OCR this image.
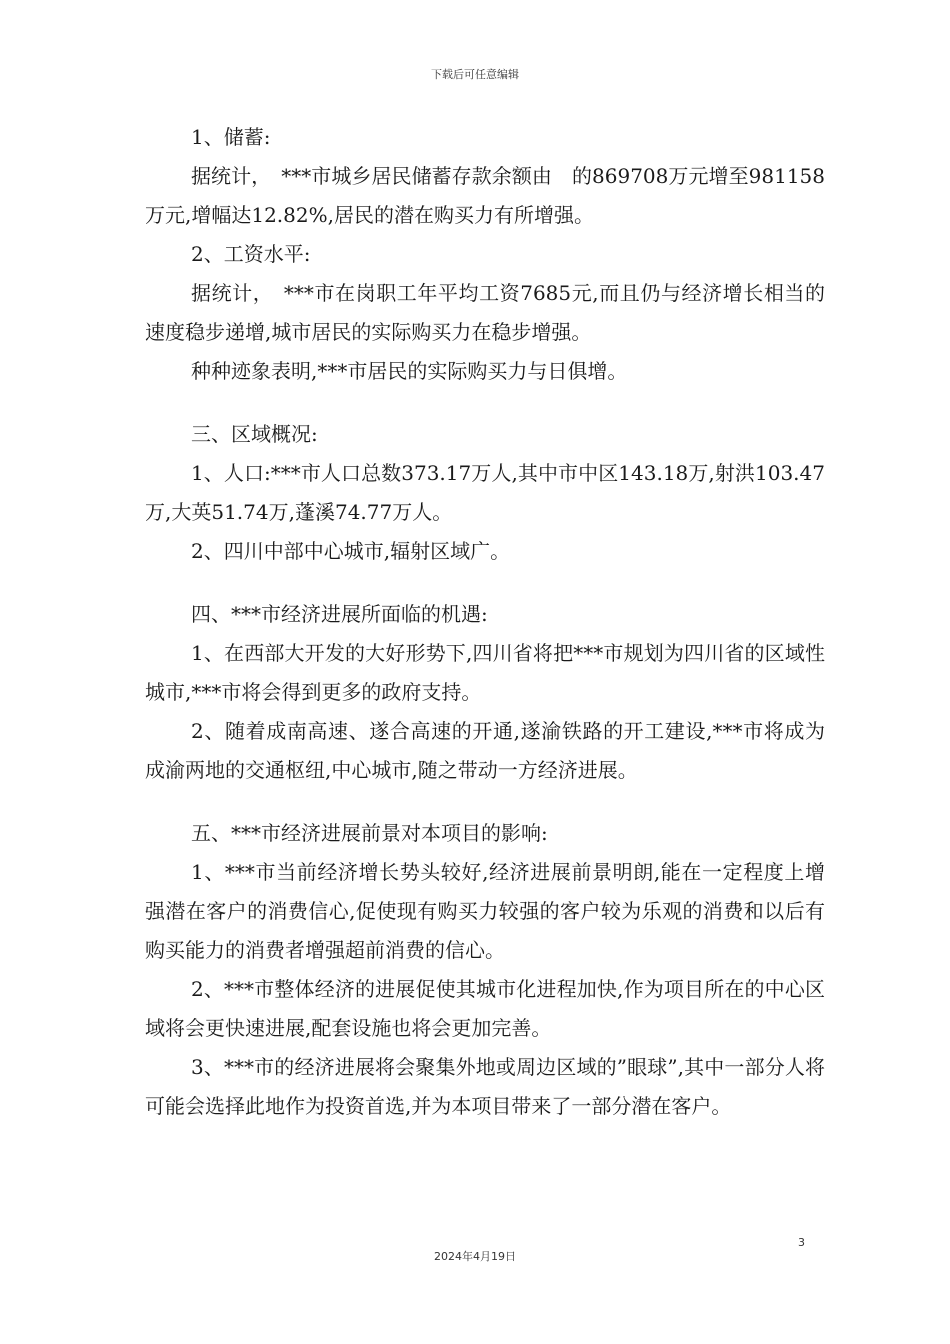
下载后可任意编辑

1、储蓄:

据统计，　***市城乡居民储蓄存款余额由　的869708万元增至981158万元,增幅达12.82%,居民的潜在购买力有所增强。

2、工资水平:

据统计，　***市在岗职工年平均工资7685元,而且仍与经济增长相当的速度稳步递增,城市居民的实际购买力在稳步增强。

种种迹象表明,***市居民的实际购买力与日俱增。

三、区域概况:

1、人口:***市人口总数373.17万人,其中市中区143.18万,射洪103.47万,大英51.74万,蓬溪74.77万人。

2、四川中部中心城市,辐射区域广。

四、***市经济进展所面临的机遇:

1、在西部大开发的大好形势下,四川省将把***市规划为四川省的区域性城市,***市将会得到更多的政府支持。

2、随着成南高速、遂合高速的开通,遂渝铁路的开工建设,***市将成为成渝两地的交通枢纽,中心城市,随之带动一方经济进展。

五、***市经济进展前景对本项目的影响:

1、***市当前经济增长势头较好,经济进展前景明朗,能在一定程度上增强潜在客户的消费信心,促使现有购买力较强的客户较为乐观的消费和以后有购买能力的消费者增强超前消费的信心。

2、***市整体经济的进展促使其城市化进程加快,作为项目所在的中心区域将会更快速进展,配套设施也将会更加完善。

3、***市的经济进展将会聚集外地或周边区域的”眼球”,其中一部分人将可能会选择此地作为投资首选,并为本项目带来了一部分潜在客户。

3
2024年4月19日
